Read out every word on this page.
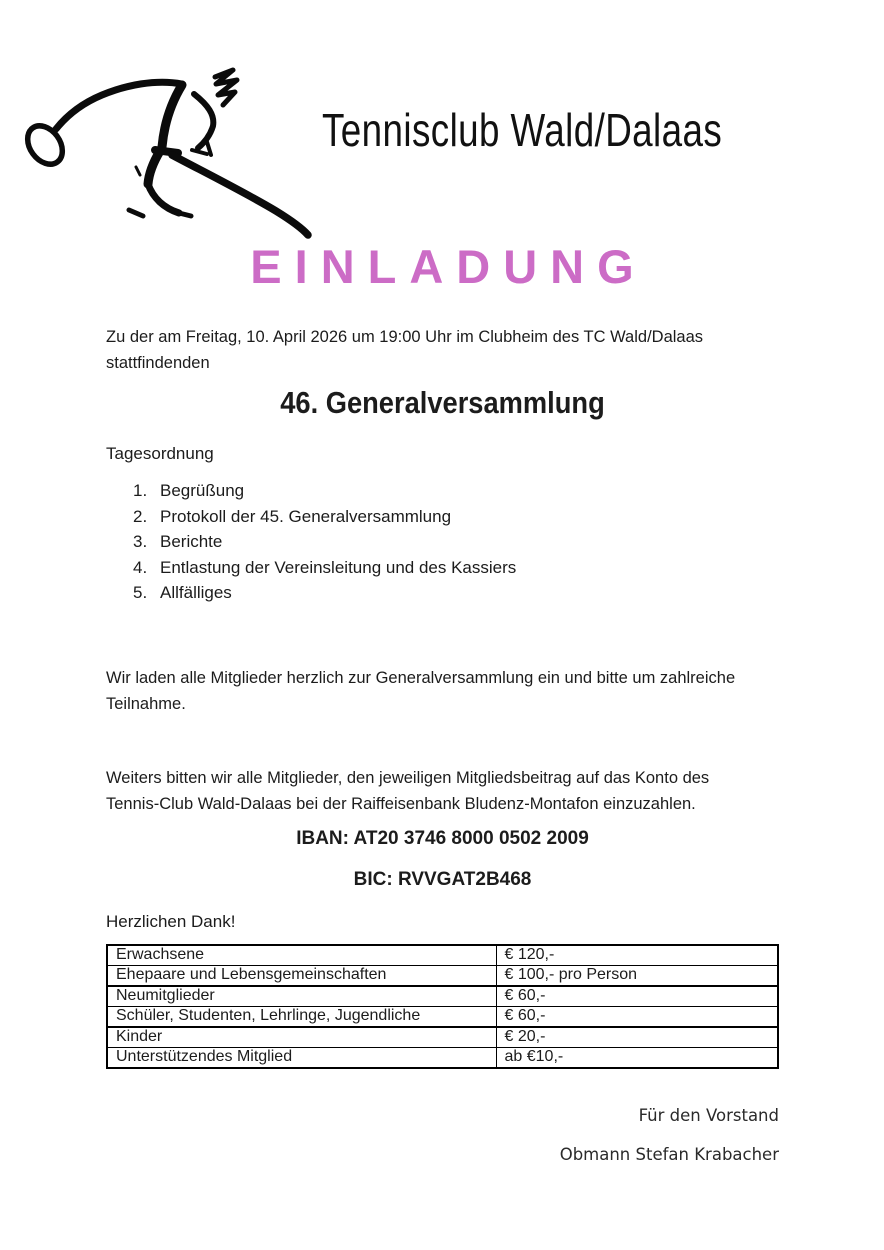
Tennisclub Wald/Dalaas
EINLADUNG
Zu der am Freitag, 10. April 2026 um 19:00 Uhr im Clubheim des TC Wald/Dalaas
stattfindenden
46. Generalversammlung
Tagesordnung
1. Begrüßung
2. Protokoll der 45. Generalversammlung
3. Berichte
4. Entlastung der Vereinsleitung und des Kassiers
5. Allfälliges
Wir laden alle Mitglieder herzlich zur Generalversammlung ein und bitte um zahlreiche
Teilnahme.
Weiters bitten wir alle Mitglieder, den jeweiligen Mitgliedsbeitrag auf das Konto des
Tennis-Club Wald-Dalaas bei der Raiffeisenbank Bludenz-Montafon einzuzahlen.
IBAN: AT20 3746 8000 0502 2009
BIC: RVVGAT2B468
Herzlichen Dank!
Erwachsene	€ 120,-
Ehepaare und Lebensgemeinschaften	€ 100,- pro Person
Neumitglieder	€ 60,-
Schüler, Studenten, Lehrlinge, Jugendliche	€ 60,-
Kinder	€ 20,-
Unterstützendes Mitglied	ab €10,-
Für den Vorstand
Obmann Stefan Krabacher
